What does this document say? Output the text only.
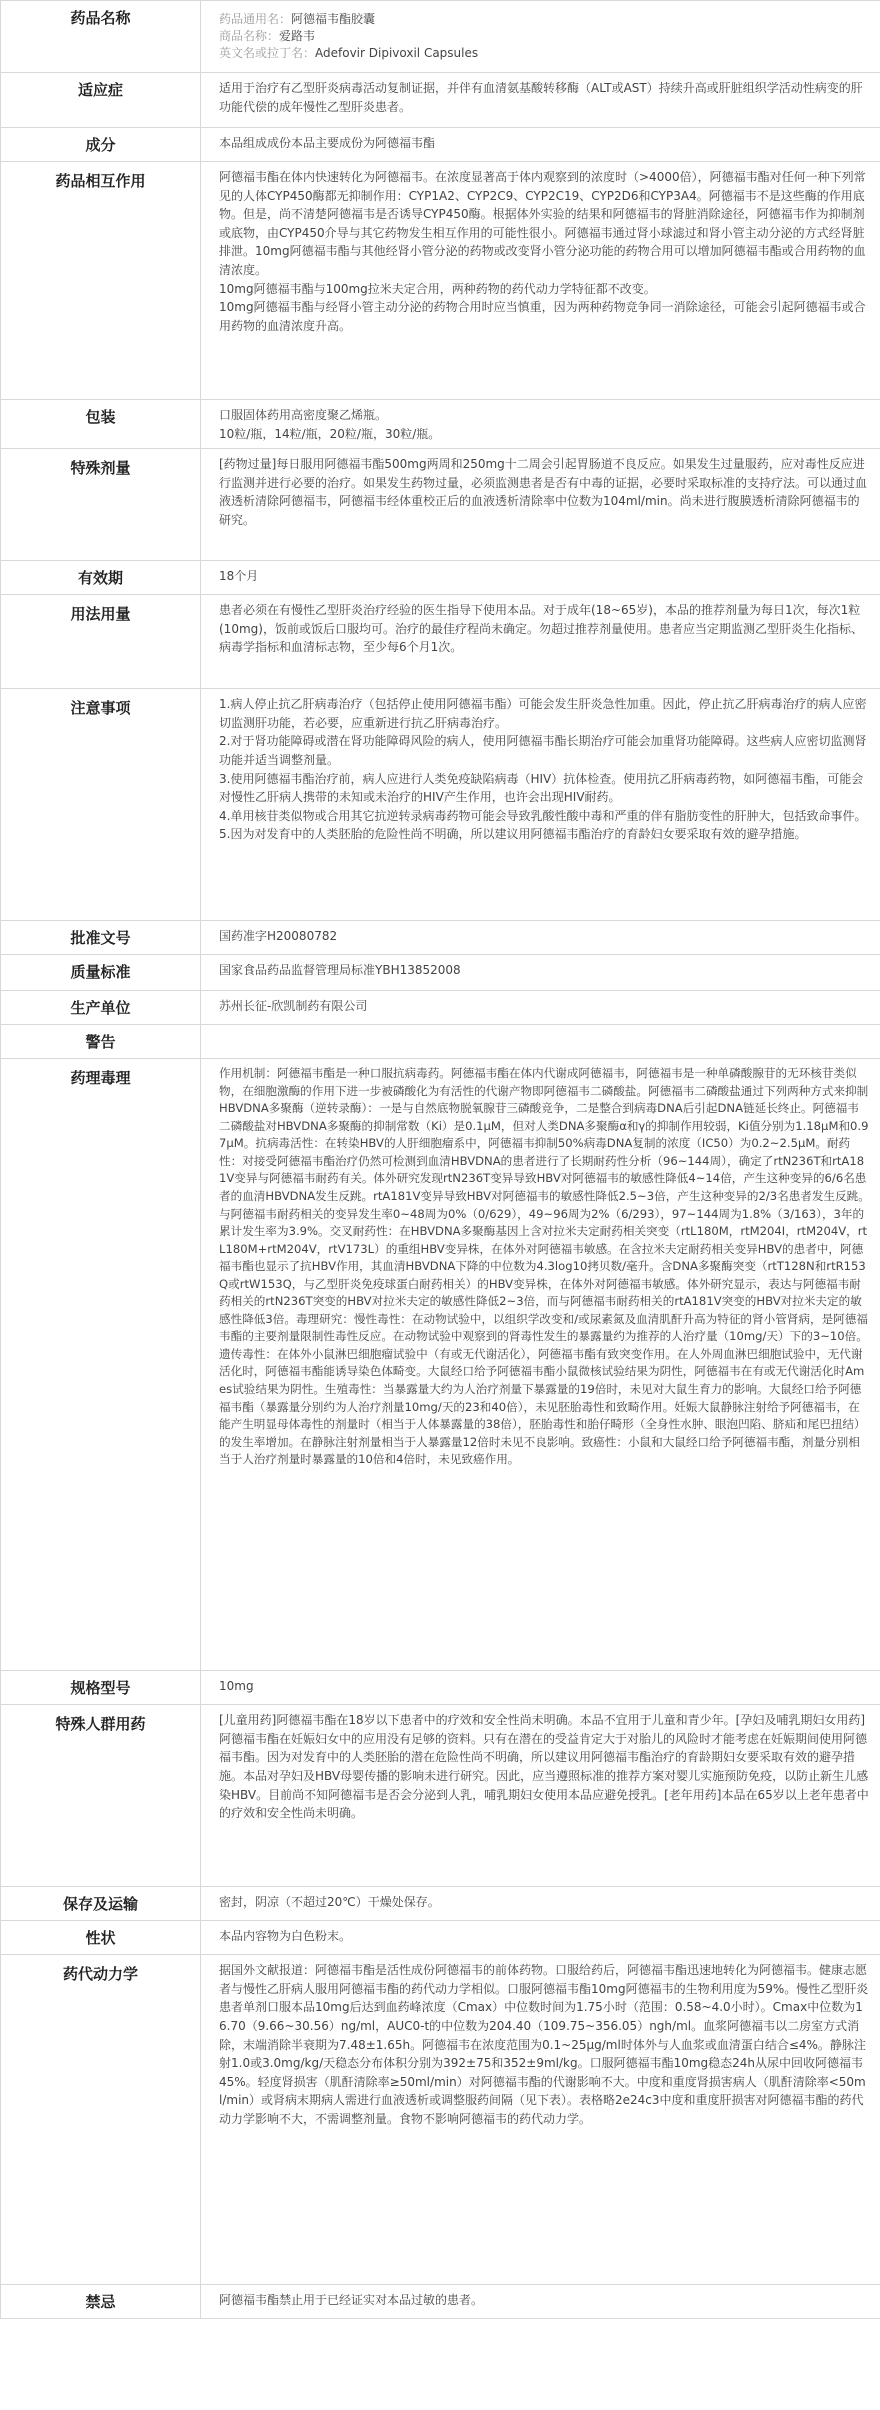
药品名称	药品通用名：阿德福韦酯胶囊

商品名称：爱路韦

英文名或拉丁名：Adefovir Dipivoxil Capsules

适应症	适用于治疗有乙型肝炎病毒活动复制证据，并伴有血清氨基酸转移酶（ALT或AST）持续升高或肝脏组织学活动性病变的肝功能代偿的成年慢性乙型肝炎患者。
成分	本品组成成份本品主要成份为阿德福韦酯
药品相互作用	阿德福韦酯在体内快速转化为阿德福韦。在浓度显著高于体内观察到的浓度时（>4000倍），阿德福韦酯对任何一种下列常见的人体CYP450酶都无抑制作用：CYP1A2、CYP2C9、CYP2C19、CYP2D6和CYP3A4。阿德福韦不是这些酶的作用底物。但是，尚不清楚阿德福韦是否诱导CYP450酶。根据体外实验的结果和阿德福韦的肾脏消除途径，阿德福韦作为抑制剂或底物，由CYP450介导与其它药物发生相互作用的可能性很小。阿德福韦通过肾小球滤过和肾小管主动分泌的方式经肾脏排泄。10mg阿德福韦酯与其他经肾小管分泌的药物或改变肾小管分泌功能的药物合用可以增加阿德福韦酯或合用药物的血清浓度。

10mg阿德福韦酯与100mg拉米夫定合用，两种药物的药代动力学特征都不改变。

10mg阿德福韦酯与经肾小管主动分泌的药物合用时应当慎重，因为两种药物竞争同一消除途径，可能会引起阿德福韦或合用药物的血清浓度升高。

包装	口服固体药用高密度聚乙烯瓶。

10粒/瓶，14粒/瓶，20粒/瓶，30粒/瓶。

特殊剂量	[药物过量]每日服用阿德福韦酯500mg两周和250mg十二周会引起胃肠道不良反应。如果发生过量服药，应对毒性反应进行监测并进行必要的治疗。如果发生药物过量，必须监测患者是否有中毒的证据，必要时采取标准的支持疗法。可以通过血液透析清除阿德福韦，阿德福韦经体重校正后的血液透析清除率中位数为104ml/min。尚未进行腹膜透析清除阿德福韦的研究。
有效期	18个月
用法用量	患者必须在有慢性乙型肝炎治疗经验的医生指导下使用本品。对于成年(18~65岁)，本品的推荐剂量为每日1次，每次1粒(10mg)，饭前或饭后口服均可。治疗的最佳疗程尚未确定。勿超过推荐剂量使用。患者应当定期监测乙型肝炎生化指标、病毒学指标和血清标志物，至少每6个月1次。
注意事项	1.病人停止抗乙肝病毒治疗（包括停止使用阿德福韦酯）可能会发生肝炎急性加重。因此，停止抗乙肝病毒治疗的病人应密切监测肝功能，若必要，应重新进行抗乙肝病毒治疗。

2.对于肾功能障碍或潜在肾功能障碍风险的病人，使用阿德福韦酯长期治疗可能会加重肾功能障碍。这些病人应密切监测肾功能并适当调整剂量。

3.使用阿德福韦酯治疗前，病人应进行人类免疫缺陷病毒（HIV）抗体检查。使用抗乙肝病毒药物，如阿德福韦酯，可能会对慢性乙肝病人携带的未知或未治疗的HIV产生作用，也许会出现HIV耐药。

4.单用核苷类似物或合用其它抗逆转录病毒药物可能会导致乳酸性酸中毒和严重的伴有脂肪变性的肝肿大，包括致命事件。

5.因为对发育中的人类胚胎的危险性尚不明确，所以建议用阿德福韦酯治疗的育龄妇女要采取有效的避孕措施。

批准文号	国药准字H20080782
质量标准	国家食品药品监督管理局标准YBH13852008
生产单位	苏州长征-欣凯制药有限公司
警告	
药理毒理	作用机制：阿德福韦酯是一种口服抗病毒药。阿德福韦酯在体内代谢成阿德福韦，阿德福韦是一种单磷酸腺苷的无环核苷类似物，在细胞激酶的作用下进一步被磷酸化为有活性的代谢产物即阿德福韦二磷酸盐。阿德福韦二磷酸盐通过下列两种方式来抑制HBVDNA多聚酶（逆转录酶）：一是与自然底物脱氧腺苷三磷酸竞争，二是整合到病毒DNA后引起DNA链延长终止。阿德福韦二磷酸盐对HBVDNA多聚酶的抑制常数（Ki）是0.1μM，但对人类DNA多聚酶α和γ的抑制作用较弱，Ki值分别为1.18μM和0.97μM。抗病毒活性：在转染HBV的人肝细胞瘤系中，阿德福韦抑制50%病毒DNA复制的浓度（IC50）为0.2~2.5μM。耐药性：对接受阿德福韦酯治疗仍然可检测到血清HBVDNA的患者进行了长期耐药性分析（96~144周），确定了rtN236T和rtA181V变异与阿德福韦耐药有关。体外研究发现rtN236T变异导致HBV对阿德福韦的敏感性降低4~14倍，产生这种变异的6/6名患者的血清HBVDNA发生反跳。rtA181V变异导致HBV对阿德福韦的敏感性降低2.5~3倍，产生这种变异的2/3名患者发生反跳。与阿德福韦耐药相关的变异发生率0~48周为0%（0/629），49~96周为2%（6/293），97~144周为1.8%（3/163），3年的累计发生率为3.9%。交叉耐药性：在HBVDNA多聚酶基因上含对拉米夫定耐药相关突变（rtL180M，rtM204I，rtM204V，rtL180M+rtM204V，rtV173L）的重组HBV变异株，在体外对阿德福韦敏感。在含拉米夫定耐药相关变异HBV的患者中，阿德福韦酯也显示了抗HBV作用，其血清HBVDNA下降的中位数为4.3log10拷贝数/毫升。含DNA多聚酶突变（rtT128N和rtR153Q或rtW153Q，与乙型肝炎免疫球蛋白耐药相关）的HBV变异株，在体外对阿德福韦敏感。体外研究显示，表达与阿德福韦耐药相关的rtN236T突变的HBV对拉米夫定的敏感性降低2~3倍，而与阿德福韦耐药相关的rtA181V突变的HBV对拉米夫定的敏感性降低3倍。毒理研究：慢性毒性：在动物试验中，以组织学改变和/或尿素氮及血清肌酐升高为特征的肾小管肾病，是阿德福韦酯的主要剂量限制性毒性反应。在动物试验中观察到的肾毒性发生的暴露量约为推荐的人治疗量（10mg/天）下的3~10倍。遗传毒性：在体外小鼠淋巴细胞瘤试验中（有或无代谢活化），阿德福韦酯有致突变作用。在人外周血淋巴细胞试验中，无代谢活化时，阿德福韦酯能诱导染色体畸变。大鼠经口给予阿德福韦酯小鼠微核试验结果为阴性，阿德福韦在有或无代谢活化时Ames试验结果为阴性。生殖毒性：当暴露量大约为人治疗剂量下暴露量的19倍时，未见对大鼠生育力的影响。大鼠经口给予阿德福韦酯（暴露量分别约为人治疗剂量10mg/天的23和40倍），未见胚胎毒性和致畸作用。妊娠大鼠静脉注射给予阿德福韦，在能产生明显母体毒性的剂量时（相当于人体暴露量的38倍），胚胎毒性和胎仔畸形（全身性水肿、眼泡凹陷、脐疝和尾巴扭结）的发生率增加。在静脉注射剂量相当于人暴露量12倍时未见不良影响。致癌性：小鼠和大鼠经口给予阿德福韦酯，剂量分别相当于人治疗剂量时暴露量的10倍和4倍时，未见致癌作用。
规格型号	10mg
特殊人群用药	[儿童用药]阿德福韦酯在18岁以下患者中的疗效和安全性尚未明确。本品不宜用于儿童和青少年。[孕妇及哺乳期妇女用药]阿德福韦酯在妊娠妇女中的应用没有足够的资料。只有在潜在的受益肯定大于对胎儿的风险时才能考虑在妊娠期间使用阿德福韦酯。因为对发育中的人类胚胎的潜在危险性尚不明确，所以建议用阿德福韦酯治疗的育龄期妇女要采取有效的避孕措施。本品对孕妇及HBV母婴传播的影响未进行研究。因此，应当遵照标准的推荐方案对婴儿实施预防免疫，以防止新生儿感染HBV。目前尚不知阿德福韦是否会分泌到人乳，哺乳期妇女使用本品应避免授乳。[老年用药]本品在65岁以上老年患者中的疗效和安全性尚未明确。
保存及运输	密封，阴凉（不超过20℃）干燥处保存。
性状	本品内容物为白色粉末。
药代动力学	据国外文献报道：阿德福韦酯是活性成份阿德福韦的前体药物。口服给药后，阿德福韦酯迅速地转化为阿德福韦。健康志愿者与慢性乙肝病人服用阿德福韦酯的药代动力学相似。口服阿德福韦酯10mg阿德福韦的生物利用度为59%。慢性乙型肝炎患者单剂口服本品10mg后达到血药峰浓度（Cmax）中位数时间为1.75小时（范围：0.58~4.0小时）。Cmax中位数为16.70（9.66~30.56）ng/ml，AUC0-t的中位数为204.40（109.75~356.05）ngh/ml。血浆阿德福韦以二房室方式消除，末端消除半衰期为7.48±1.65h。阿德福韦在浓度范围为0.1~25μg/ml时体外与人血浆或血清蛋白结合≤4%。静脉注射1.0或3.0mg/kg/天稳态分布体积分别为392±75和352±9ml/kg。口服阿德福韦酯10mg稳态24h从尿中回收阿德福韦45%。轻度肾损害（肌酐清除率≥50ml/min）对阿德福韦酯的代谢影响不大。中度和重度肾损害病人（肌酐清除率<50ml/min）或肾病末期病人需进行血液透析或调整服药间隔（见下表）。表格略2e24c3中度和重度肝损害对阿德福韦酯的药代动力学影响不大，不需调整剂量。食物不影响阿德福韦的药代动力学。
禁忌	阿德福韦酯禁止用于已经证实对本品过敏的患者。
